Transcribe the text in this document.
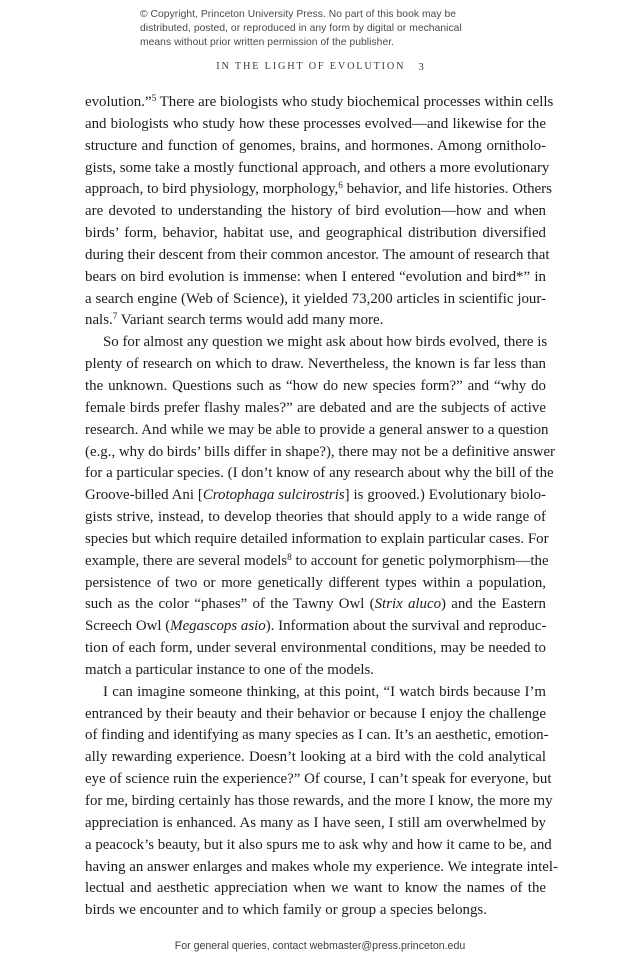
© Copyright, Princeton University Press. No part of this book may be
distributed, posted, or reproduced in any form by digital or mechanical
means without prior written permission of the publisher.
IN THE LIGHT OF EVOLUTION 3

evolution.”$^5$ There are biologists who study biochemical processes within cells
and biologists who study how these processes evolved—and likewise for the
structure and function of genomes, brains, and hormones. Among ornitholo-
gists, some take a mostly functional approach, and others a more evolutionary
approach, to bird physiology, morphology,$^6$ behavior, and life histories. Others
are devoted to understanding the history of bird evolution—how and when
birds’ form, behavior, habitat use, and geographical distribution diversified
during their descent from their common ancestor. The amount of research that
bears on bird evolution is immense: when I entered “evolution and bird*” in
a search engine (Web of Science), it yielded 73,200 articles in scientific jour-
nals.$^7$ Variant search terms would add many more.

So for almost any question we might ask about how birds evolved, there is
plenty of research on which to draw. Nevertheless, the known is far less than
the unknown. Questions such as “how do new species form?” and “why do
female birds prefer flashy males?” are debated and are the subjects of active
research. And while we may be able to provide a general answer to a question
(e.g., why do birds’ bills differ in shape?), there may not be a definitive answer
for a particular species. (I don’t know of any research about why the bill of the
Groove-billed Ani [Crotophaga sulcirostris] is grooved.) Evolutionary biolo-
gists strive, instead, to develop theories that should apply to a wide range of
species but which require detailed information to explain particular cases. For
example, there are several models$^8$ to account for genetic polymorphism—the
persistence of two or more genetically different types within a population,
such as the color “phases” of the Tawny Owl (Strix aluco) and the Eastern
Screech Owl (Megascops asio). Information about the survival and reproduc-
tion of each form, under several environmental conditions, may be needed to
match a particular instance to one of the models.

I can imagine someone thinking, at this point, “I watch birds because I’m
entranced by their beauty and their behavior or because I enjoy the challenge
of finding and identifying as many species as I can. It’s an aesthetic, emotion-
ally rewarding experience. Doesn’t looking at a bird with the cold analytical
eye of science ruin the experience?” Of course, I can’t speak for everyone, but
for me, birding certainly has those rewards, and the more I know, the more my
appreciation is enhanced. As many as I have seen, I still am overwhelmed by
a peacock’s beauty, but it also spurs me to ask why and how it came to be, and
having an answer enlarges and makes whole my experience. We integrate intel-
lectual and aesthetic appreciation when we want to know the names of the
birds we encounter and to which family or group a species belongs.

For general queries, contact webmaster@press.princeton.edu
